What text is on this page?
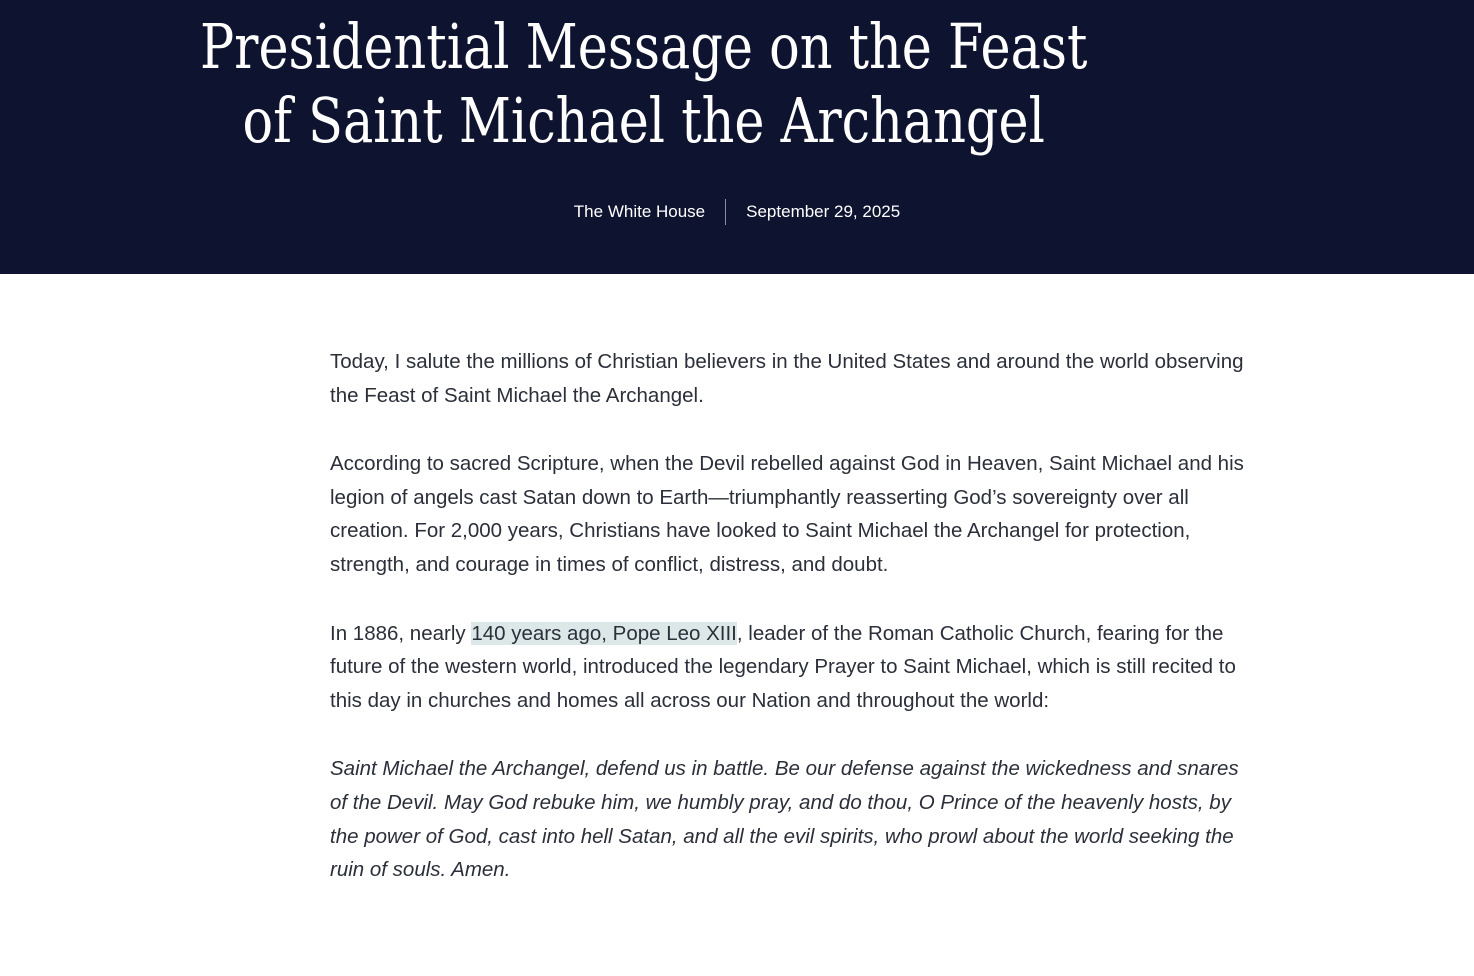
Presidential Message on the Feast
of Saint Michael the Archangel
The White House September 29, 2025

Today, I salute the millions of Christian believers in the United States and around the world observing the Feast of Saint Michael the Archangel.

According to sacred Scripture, when the Devil rebelled against God in Heaven, Saint Michael and his legion of angels cast Satan down to Earth—triumphantly reasserting God’s sovereignty over all creation. For 2,000 years, Christians have looked to Saint Michael the Archangel for protection, strength, and courage in times of conflict, distress, and doubt.

In 1886, nearly 140 years ago, Pope Leo XIII, leader of the Roman Catholic Church, fearing for the future of the western world, introduced the legendary Prayer to Saint Michael, which is still recited to this day in churches and homes all across our Nation and throughout the world:

Saint Michael the Archangel, defend us in battle. Be our defense against the wickedness and snares of the Devil. May God rebuke him, we humbly pray, and do thou, O Prince of the heavenly hosts, by the power of God, cast into hell Satan, and all the evil spirits, who prowl about the world seeking the ruin of souls. Amen.
